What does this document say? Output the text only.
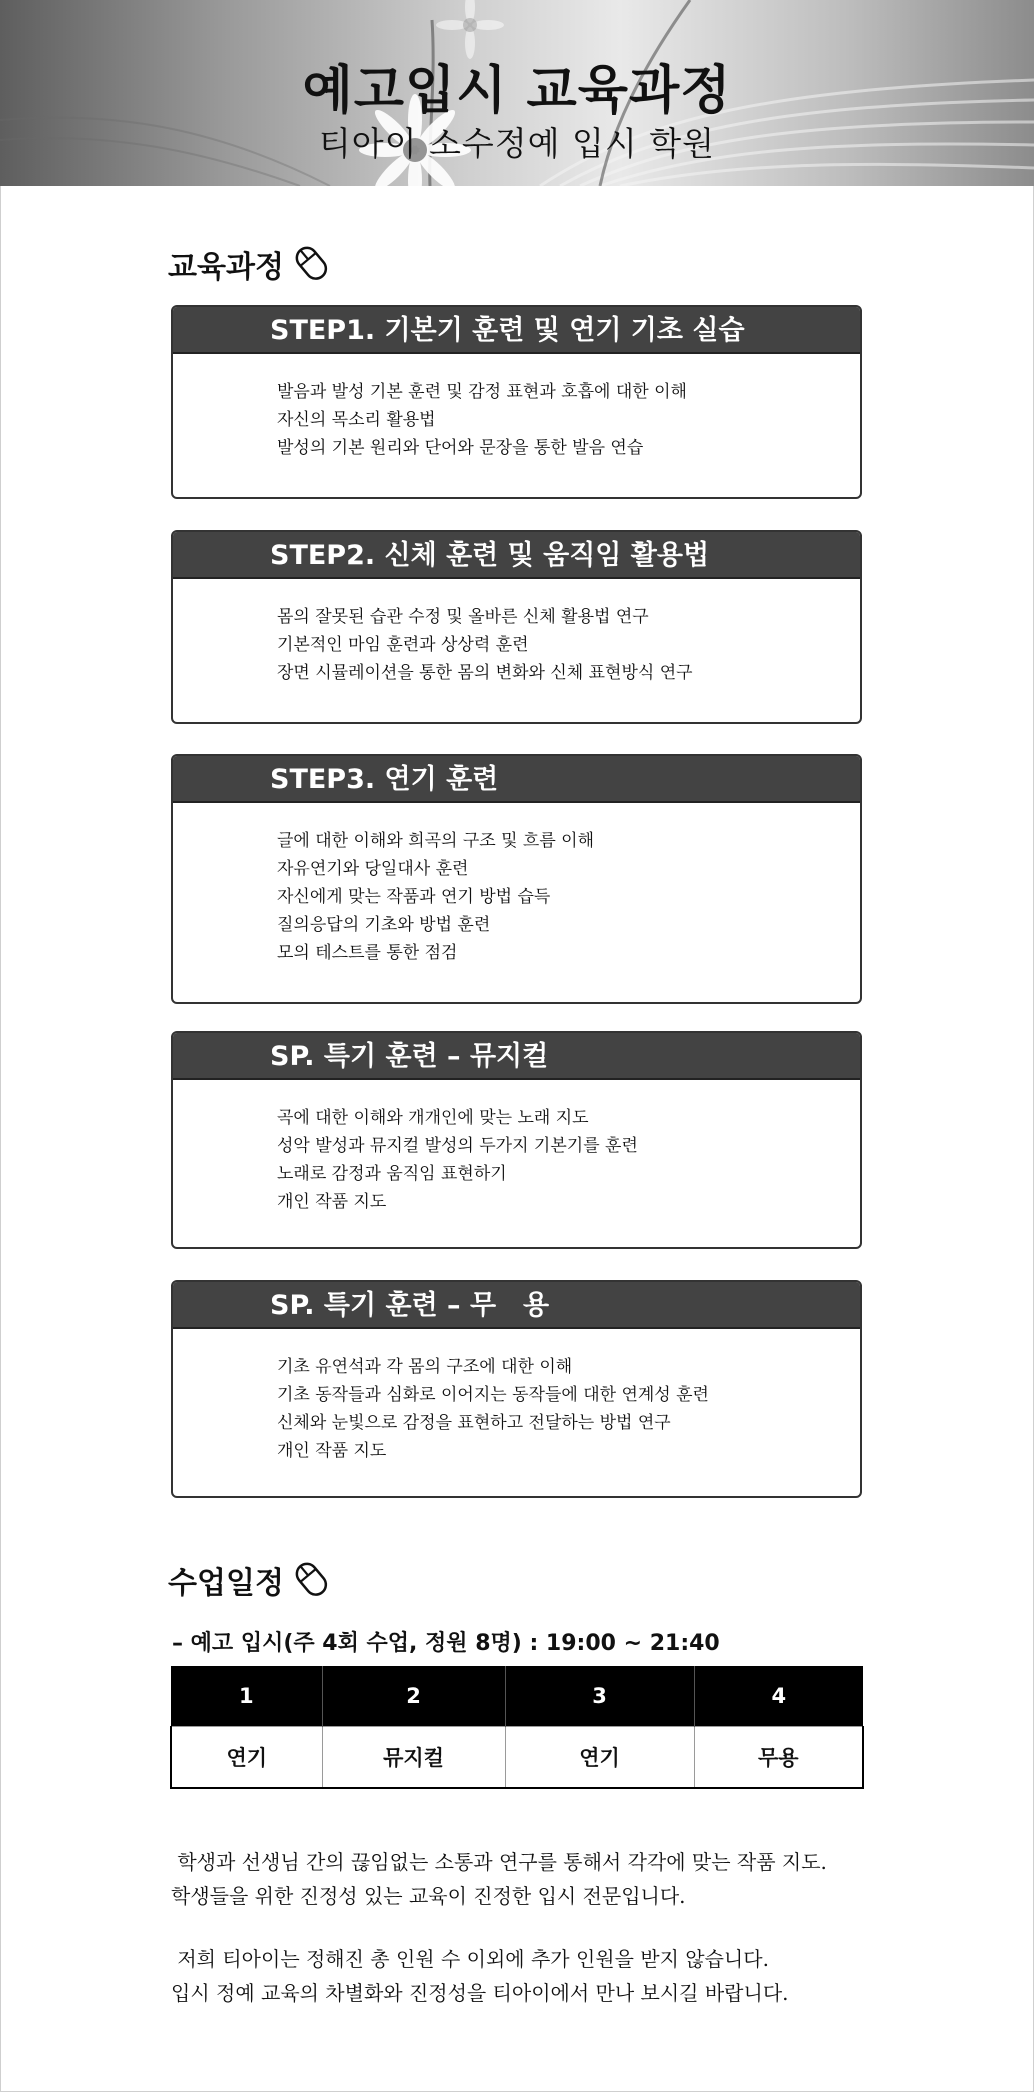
예고입시 교육과정
티아이 소수정예 입시 학원
교육과정
STEP1. 기본기 훈련 및 연기 기초 실습
발음과 발성 기본 훈련 및 감정 표현과 호흡에 대한 이해
자신의 목소리 활용법
발성의 기본 원리와 단어와 문장을 통한 발음 연습
STEP2. 신체 훈련 및 움직임 활용법
몸의 잘못된 습관 수정 및 올바른 신체 활용법 연구
기본적인 마임 훈련과 상상력 훈련
장면 시뮬레이션을 통한 몸의 변화와 신체 표현방식 연구
STEP3. 연기 훈련
글에 대한 이해와 희곡의 구조 및 흐름 이해
자유연기와 당일대사 훈련
자신에게 맞는 작품과 연기 방법 습득
질의응답의 기초와 방법 훈련
모의 테스트를 통한 점검
SP. 특기 훈련 – 뮤지컬
곡에 대한 이해와 개개인에 맞는 노래 지도
성악 발성과 뮤지컬 발성의 두가지 기본기를 훈련
노래로 감정과 움직임 표현하기
개인 작품 지도
SP. 특기 훈련 – 무　용
기초 유연석과 각 몸의 구조에 대한 이해
기초 동작들과 심화로 이어지는 동작들에 대한 연계성 훈련
신체와 눈빛으로 감정을 표현하고 전달하는 방법 연구
개인 작품 지도
수업일정
– 예고 입시(주 4회 수업, 정원 8명) : 19:00 ~ 21:40
1	2	3	4
연기	뮤지컬	연기	무용
학생과 선생님 간의 끊임없는 소통과 연구를 통해서 각각에 맞는 작품 지도.
학생들을 위한 진정성 있는 교육이 진정한 입시 전문입니다.
저희 티아이는 정해진 총 인원 수 이외에 추가 인원을 받지 않습니다.
입시 정예 교육의 차별화와 진정성을 티아이에서 만나 보시길 바랍니다.
